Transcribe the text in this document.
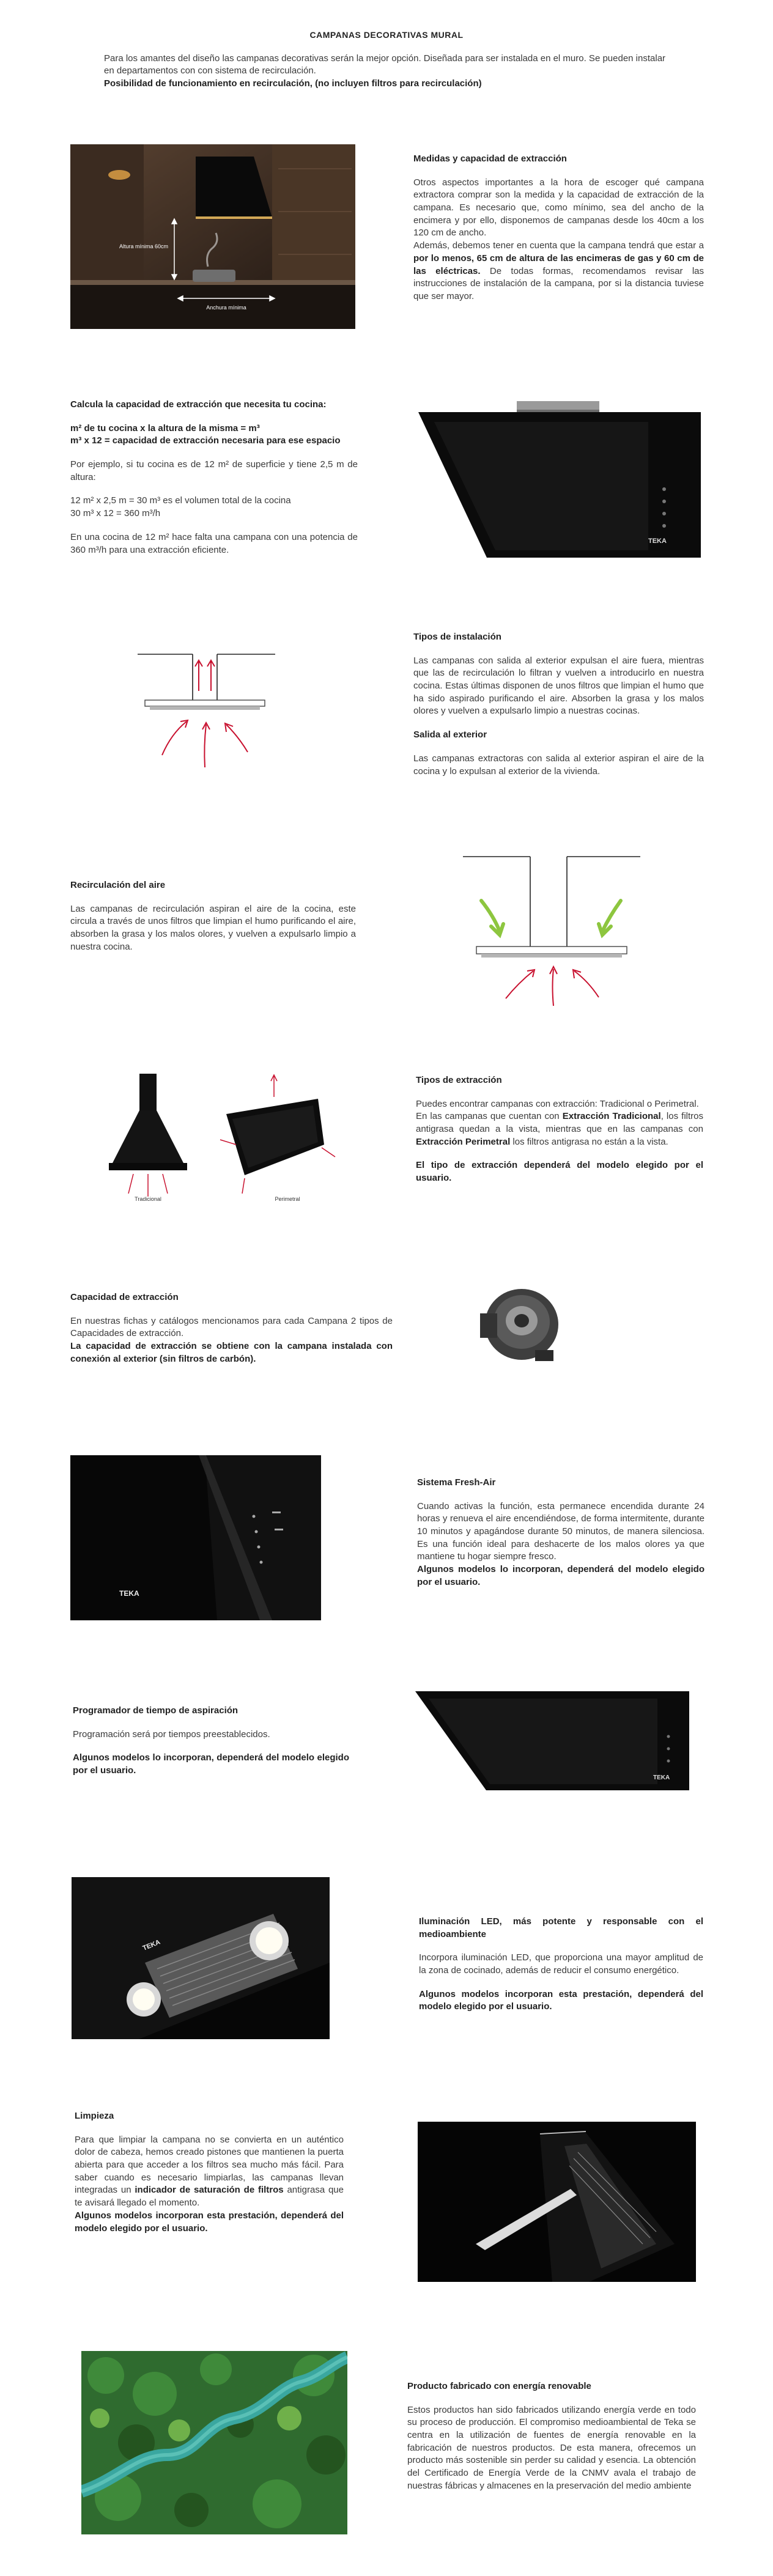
CAMPANAS DECORATIVAS MURAL

Para los amantes del diseño las campanas decorativas serán la mejor opción. Diseñada para ser instalada en el muro. Se pueden instalar en departamentos con con sistema de recirculación.

Posibilidad de funcionamiento en recirculación, (no incluyen filtros para recirculación)

Altura mínima 60cm
Anchura mínima
Medidas y capacidad de extracción

Otros aspectos importantes a la hora de escoger qué campana extractora comprar son la medida y la capacidad de extracción de la campana. Es necesario que, como mínimo, sea del ancho de la encimera y por ello, disponemos de campanas desde los 40cm a los 120 cm de ancho.

Además, debemos tener en cuenta que la campana tendrá que estar a por lo menos, 65 cm de altura de las encimeras de gas y 60 cm de las eléctricas. De todas formas, recomendamos revisar las instrucciones de instalación de la campana, por si la distancia tuviese que ser mayor.

Calcula la capacidad de extracción que necesita tu cocina:

m² de tu cocina x la altura de la misma = m³

m³ x 12 = capacidad de extracción necesaria para ese espacio

Por ejemplo, si tu cocina es de 12 m² de superficie y tiene 2,5 m de altura:

12 m² x 2,5 m = 30 m³ es el volumen total de la cocina

30 m³ x 12 = 360 m³/h

En una cocina de 12 m² hace falta una campana con una potencia de 360 m³/h para una extracción eficiente.

TEKA
Tipos de instalación

Las campanas con salida al exterior expulsan el aire fuera, mientras que las de recirculación lo filtran y vuelven a introducirlo en nuestra cocina. Estas últimas disponen de unos filtros que limpian el humo que ha sido aspirado purificando el aire. Absorben la grasa y los malos olores y vuelven a expulsarlo limpio a nuestras cocinas.

Salida al exterior

Las campanas extractoras con salida al exterior aspiran el aire de la cocina y lo expulsan al exterior de la vivienda.

Recirculación del aire

Las campanas de recirculación aspiran el aire de la cocina, este circula a través de unos filtros que limpian el humo purificando el aire, absorben la grasa y los malos olores, y vuelven a expulsarlo limpio a nuestra cocina.

Tradicional	Perimetral
Tipos de extracción

Puedes encontrar campanas con extracción: Tradicional o Perimetral.

En las campanas que cuentan con Extracción Tradicional, los filtros antigrasa quedan a la vista, mientras que en las campanas con Extracción Perimetral los filtros antigrasa no están a la vista.

El tipo de extracción dependerá del modelo elegido por el usuario.

Capacidad de extracción

En nuestras fichas y catálogos mencionamos para cada Campana 2 tipos de Capacidades de extracción.

La capacidad de extracción se obtiene con la campana instalada con conexión al exterior (sin filtros de carbón).

TEKA
Sistema Fresh-Air

Cuando activas la función, esta permanece encendida durante 24 horas y renueva el aire encendiéndose, de forma intermitente, durante 10 minutos y apagándose durante 50 minutos, de manera silenciosa. Es una función ideal para deshacerte de los malos olores ya que mantiene tu hogar siempre fresco.

Algunos modelos lo incorporan, dependerá del modelo elegido por el usuario.

Programador de tiempo de aspiración

Programación será por tiempos preestablecidos.

Algunos modelos lo incorporan, dependerá del modelo elegido por el usuario.

TEKA
TEKA
Iluminación LED, más potente y responsable con el medioambiente

Incorpora iluminación LED, que proporciona una mayor amplitud de la zona de cocinado, además de reducir el consumo energético.

Algunos modelos incorporan esta prestación, dependerá del modelo elegido por el usuario.

Limpieza

Para que limpiar la campana no se convierta en un auténtico dolor de cabeza, hemos creado pistones que mantienen la puerta abierta para que acceder a los filtros sea mucho más fácil. Para saber cuando es necesario limpiarlas, las campanas llevan integradas un indicador de saturación de filtros antigrasa que te avisará llegado el momento.

Algunos modelos incorporan esta prestación, dependerá del modelo elegido por el usuario.

Producto fabricado con energía renovable

Estos productos han sido fabricados utilizando energía verde en todo su proceso de producción. El compromiso medioambiental de Teka se centra en la utilización de fuentes de energía renovable en la fabricación de nuestros productos. De esta manera, ofrecemos un producto más sostenible sin perder su calidad y esencia. La obtención del Certificado de Energía Verde de la CNMV avala el trabajo de nuestras fábricas y almacenes en la preservación del medio ambiente
